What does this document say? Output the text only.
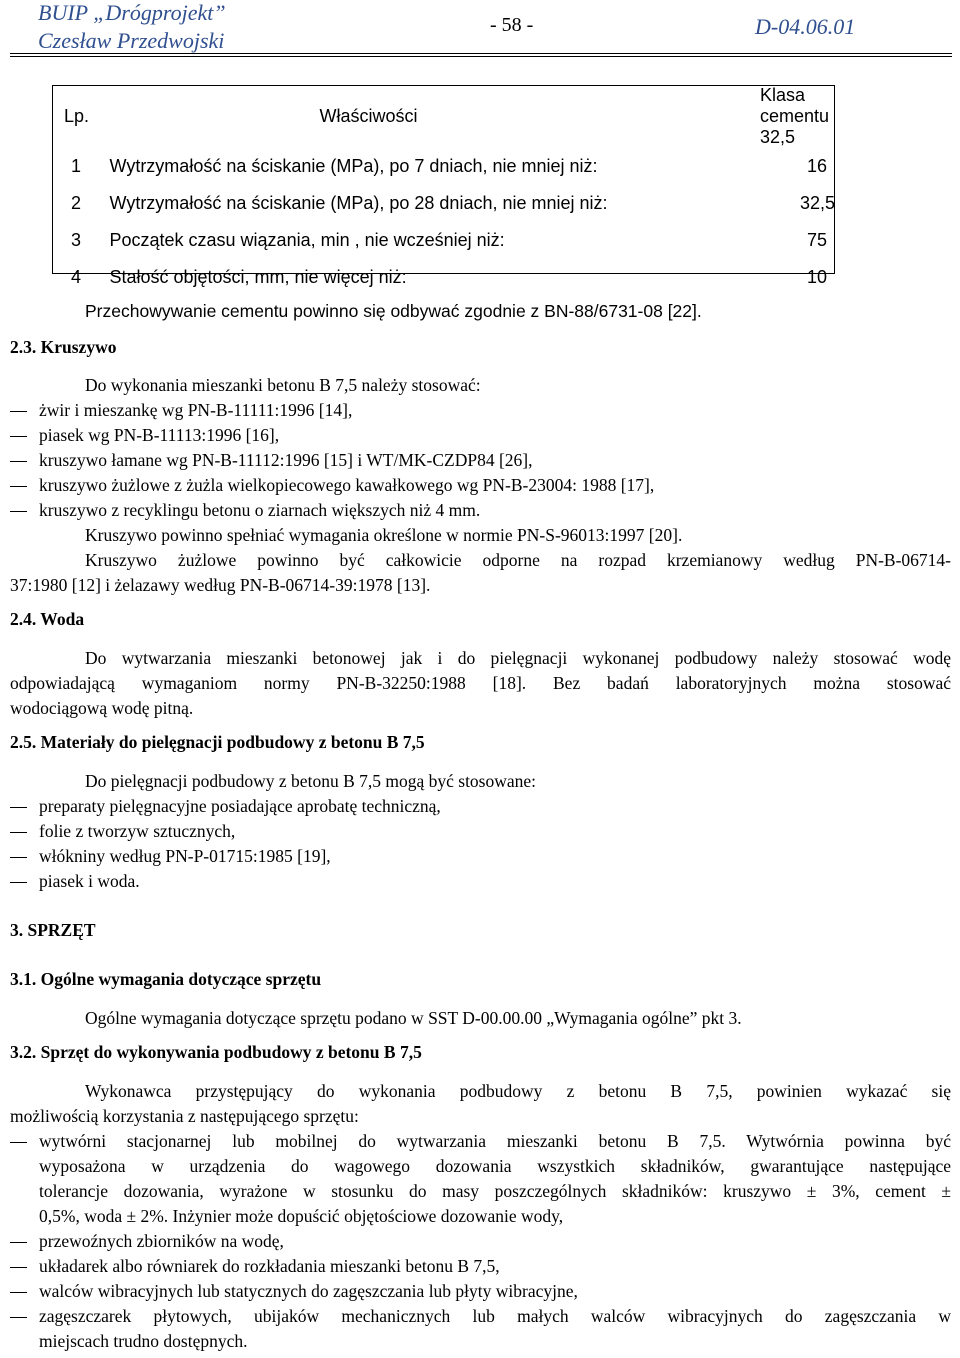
BUIP „Drógprojekt”
Czesław Przedwojski
- 58 -	D-04.06.01
Lp.	Właściwości	Klasa cementu 32,5
1	Wytrzymałość na ściskanie (MPa), po 7 dniach, nie mniej niż:	16
2	Wytrzymałość na ściskanie (MPa), po 28 dniach, nie mniej niż:	32,5
3	Początek czasu wiązania, min , nie wcześniej niż:	75
4	Stałość objętości, mm, nie więcej niż:	10
Przechowywanie cementu powinno się odbywać zgodnie z BN-88/6731-08 [22].
2.3. Kruszywo
Do wykonania mieszanki betonu B 7,5 należy stosować:
żwir i mieszankę wg PN-B-11111:1996 [14],
piasek wg PN-B-11113:1996 [16],
kruszywo łamane wg PN-B-11112:1996 [15] i WT/MK-CZDP84 [26],
kruszywo żużlowe z żużla wielkopiecowego kawałkowego wg PN-B-23004: 1988 [17],
kruszywo z recyklingu betonu o ziarnach większych niż 4 mm.
Kruszywo powinno spełniać wymagania określone w normie PN-S-96013:1997 [20].
Kruszywo żużlowe powinno być całkowicie odporne na rozpad krzemianowy według PN-B-06714-
37:1980 [12] i żelazawy według PN-B-06714-39:1978 [13].
2.4. Woda
Do wytwarzania mieszanki betonowej jak i do pielęgnacji wykonanej podbudowy należy stosować wodę
odpowiadającą wymaganiom normy PN-B-32250:1988 [18]. Bez badań laboratoryjnych można stosować
wodociągową wodę pitną.
2.5. Materiały do pielęgnacji podbudowy z betonu B 7,5
Do pielęgnacji podbudowy z betonu B 7,5 mogą być stosowane:
preparaty pielęgnacyjne posiadające aprobatę techniczną,
folie z tworzyw sztucznych,
włókniny według PN-P-01715:1985 [19],
piasek i woda.
3. SPRZĘT
3.1. Ogólne wymagania dotyczące sprzętu
Ogólne wymagania dotyczące sprzętu podano w SST D-00.00.00 „Wymagania ogólne” pkt 3.
3.2. Sprzęt do wykonywania podbudowy z betonu B 7,5
Wykonawca przystępujący do wykonania podbudowy z betonu B 7,5, powinien wykazać się
możliwością korzystania z następującego sprzętu:
wytwórni stacjonarnej lub mobilnej do wytwarzania mieszanki betonu B 7,5. Wytwórnia powinna być
wyposażona w urządzenia do wagowego dozowania wszystkich składników, gwarantujące następujące
tolerancje dozowania, wyrażone w stosunku do masy poszczególnych składników: kruszywo ± 3%, cement ±
0,5%, woda ± 2%. Inżynier może dopuścić objętościowe dozowanie wody,
przewoźnych zbiorników na wodę,
układarek albo równiarek do rozkładania mieszanki betonu B 7,5,
walców wibracyjnych lub statycznych do zagęszczania lub płyty wibracyjne,
zagęszczarek płytowych, ubijaków mechanicznych lub małych walców wibracyjnych do zagęszczania w
miejscach trudno dostępnych.
